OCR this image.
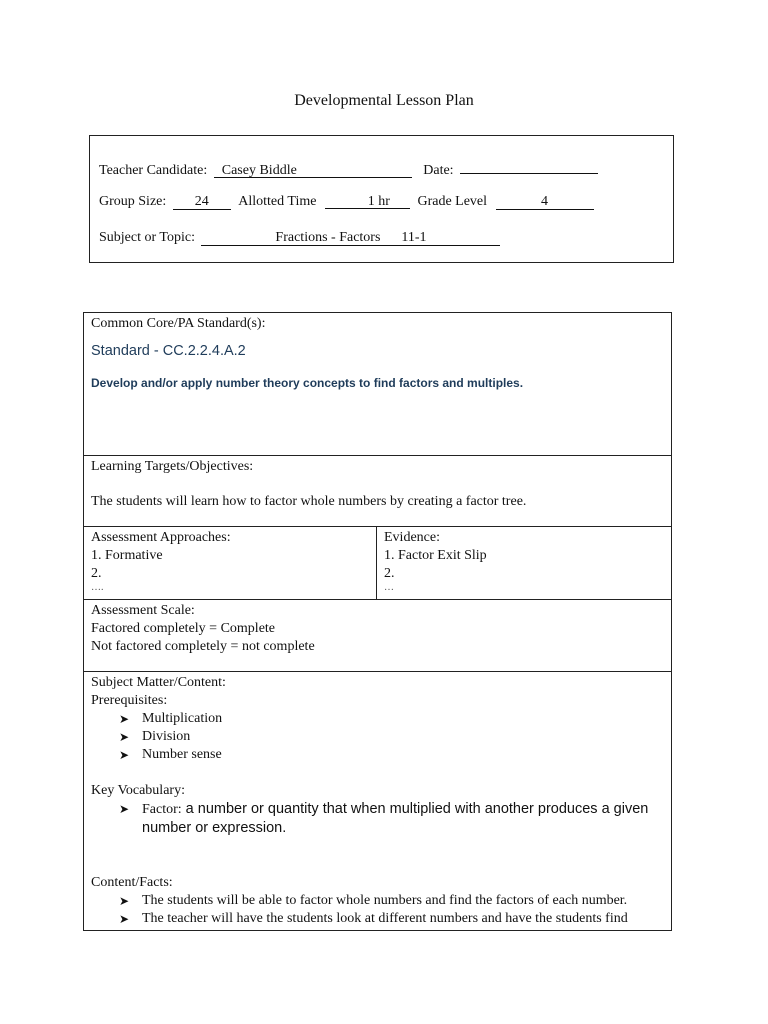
Developmental Lesson Plan
Teacher Candidate: Casey Biddle	Date:
Group Size: 24 Allotted Time	1 hr Grade Level	4
Subject or Topic:	Fractions - Factors      11-1
Common Core/PA Standard(s):
Standard - CC.2.2.4.A.2
Develop and/or apply number theory concepts to find factors and multiples.

Learning Targets/Objectives:
The students will learn how to factor whole numbers by creating a factor tree.

Assessment Approaches:
1. Formative
2.
….

Evidence:
1. Factor Exit Slip
2.
…

Assessment Scale:
Factored completely = Complete
Not factored completely = not complete

Subject Matter/Content:
Prerequisites:
➤ Multiplication
➤ Division
➤ Number sense
Key Vocabulary:
➤ Factor: a number or quantity that when multiplied with another produces a given number or expression.
Content/Facts:
➤ The students will be able to factor whole numbers and find the factors of each number.
➤ The teacher will have the students look at different numbers and have the students find
